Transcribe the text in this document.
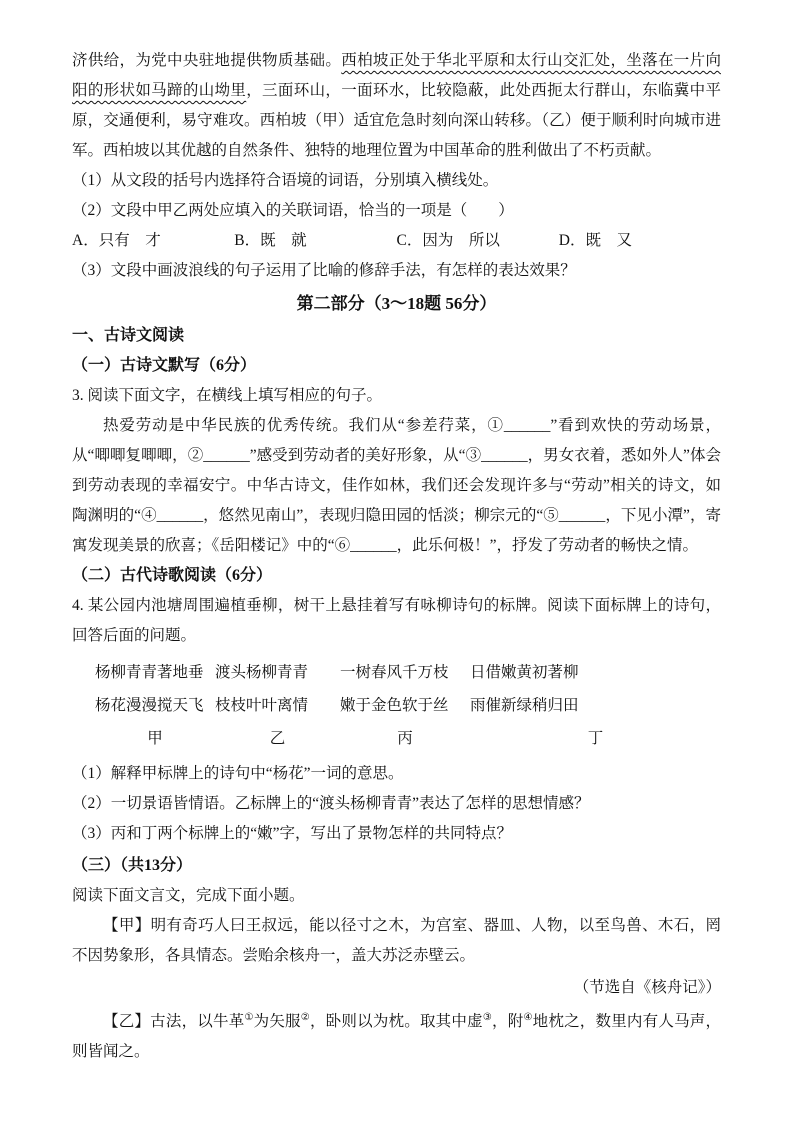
济供给，为党中央驻地提供物质基础。西柏坡正处于华北平原和太行山交汇处，坐落在一片向阳的形状如马蹄的山坳里，三面环山，一面环水，比较隐蔽，此处西扼太行群山，东临冀中平原，交通便利，易守难攻。西柏坡（甲）适宜危急时刻向深山转移。（乙）便于顺利时向城市进军。西柏坡以其优越的自然条件、独特的地理位置为中国革命的胜利做出了不朽贡献。

（1）从文段的括号内选择符合语境的词语，分别填入横线处。

（2）文段中甲乙两处应填入的关联词语，恰当的一项是（　　）

A．只有　才	B．既　就	C．因为　所以	D．既　又

（3）文段中画波浪线的句子运用了比喻的修辞手法，有怎样的表达效果？

第二部分（3～18题 56分）

一、古诗文阅读

（一）古诗文默写（6分）

3. 阅读下面文字，在横线上填写相应的句子。

热爱劳动是中华民族的优秀传统。我们从“参差荇菜，①______”看到欢快的劳动场景，从“唧唧复唧唧，②______”感受到劳动者的美好形象，从“③______，男女衣着，悉如外人”体会到劳动表现的幸福安宁。中华古诗文，佳作如林，我们还会发现许多与“劳动”相关的诗文，如陶渊明的“④______，悠然见南山”，表现归隐田园的恬淡；柳宗元的“⑤______，下见小潭”，寄寓发现美景的欣喜；《岳阳楼记》中的“⑥______，此乐何极！”，抒发了劳动者的畅快之情。

（二）古代诗歌阅读（6分）

4. 某公园内池塘周围遍植垂柳，树干上悬挂着写有咏柳诗句的标牌。阅读下面标牌上的诗句，回答后面的问题。

杨柳青青著地垂 渡头杨柳青青	一树春风千万枝	日借嫩黄初著柳
杨花漫漫搅天飞 枝枝叶叶离情	嫩于金色软于丝	雨催新绿稍归田
甲	乙	丙	丁

（1）解释甲标牌上的诗句中“杨花”一词的意思。

（2）一切景语皆情语。乙标牌上的“渡头杨柳青青”表达了怎样的思想情感？

（3）丙和丁两个标牌上的“嫩”字，写出了景物怎样的共同特点？

（三）（共13分）

阅读下面文言文，完成下面小题。

【甲】明有奇巧人曰王叔远，能以径寸之木，为宫室、器皿、人物，以至鸟兽、木石，罔不因势象形，各具情态。尝贻余核舟一，盖大苏泛赤壁云。

（节选自《核舟记》）

【乙】古法，以牛革①为矢服②，卧则以为枕。取其中虚③，附④地枕之，数里内有人马声，则皆闻之。
